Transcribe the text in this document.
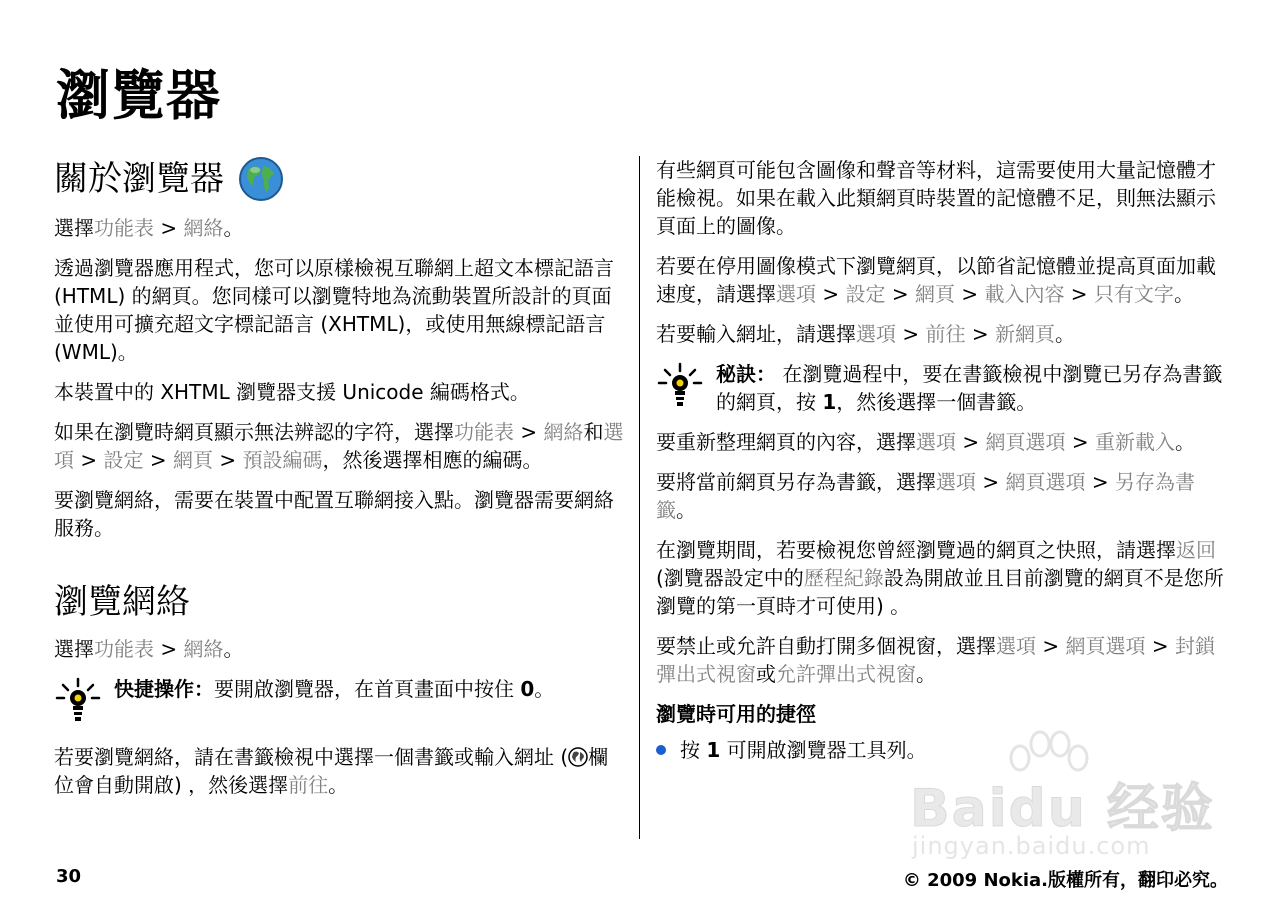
瀏覽器
關於瀏覽器

選擇功能表 > 網絡。

透過瀏覽器應用程式，您可以原樣檢視互聯網上超文本標記語言 (HTML) 的網頁。您同樣可以瀏覽特地為流動裝置所設計的頁面並使用可擴充超文字標記語言 (XHTML)，或使用無線標記語言 (WML)。

本裝置中的 XHTML 瀏覽器支援 Unicode 編碼格式。

如果在瀏覽時網頁顯示無法辨認的字符，選擇功能表 > 網絡和選項 > 設定 > 網頁 > 預設編碼，然後選擇相應的編碼。

要瀏覽網絡，需要在裝置中配置互聯網接入點。瀏覽器需要網絡服務。

瀏覽網絡

選擇功能表 > 網絡。

快捷操作：要開啟瀏覽器，在首頁畫面中按住 0。

若要瀏覽網絡，請在書籤檢視中選擇一個書籤或輸入網址 ( 欄位會自動開啟) ，然後選擇前往。

有些網頁可能包含圖像和聲音等材料，這需要使用大量記憶體才能檢視。如果在載入此類網頁時裝置的記憶體不足，則無法顯示頁面上的圖像。

若要在停用圖像模式下瀏覽網頁，以節省記憶體並提高頁面加載速度，請選擇選項 > 設定 > 網頁 > 載入內容 > 只有文字。

若要輸入網址，請選擇選項 > 前往 > 新網頁。

秘訣： 在瀏覽過程中，要在書籤檢視中瀏覽已另存為書籤的網頁，按 1，然後選擇一個書籤。

要重新整理網頁的內容，選擇選項 > 網頁選項 > 重新載入。

要將當前網頁另存為書籤，選擇選項 > 網頁選項 > 另存為書籤。

在瀏覽期間，若要檢視您曾經瀏覽過的網頁之快照，請選擇返回 (瀏覽器設定中的歷程紀錄設為開啟並且目前瀏覽的網頁不是您所瀏覽的第一頁時才可使用) 。

要禁止或允許自動打開多個視窗，選擇選項 > 網頁選項 > 封鎖彈出式視窗或允許彈出式視窗。

瀏覽時可用的捷徑
按 1 可開啟瀏覽器工具列。
Baidu 经验
jingyan.baidu.com
30	© 2009 Nokia.版權所有，翻印必究。
